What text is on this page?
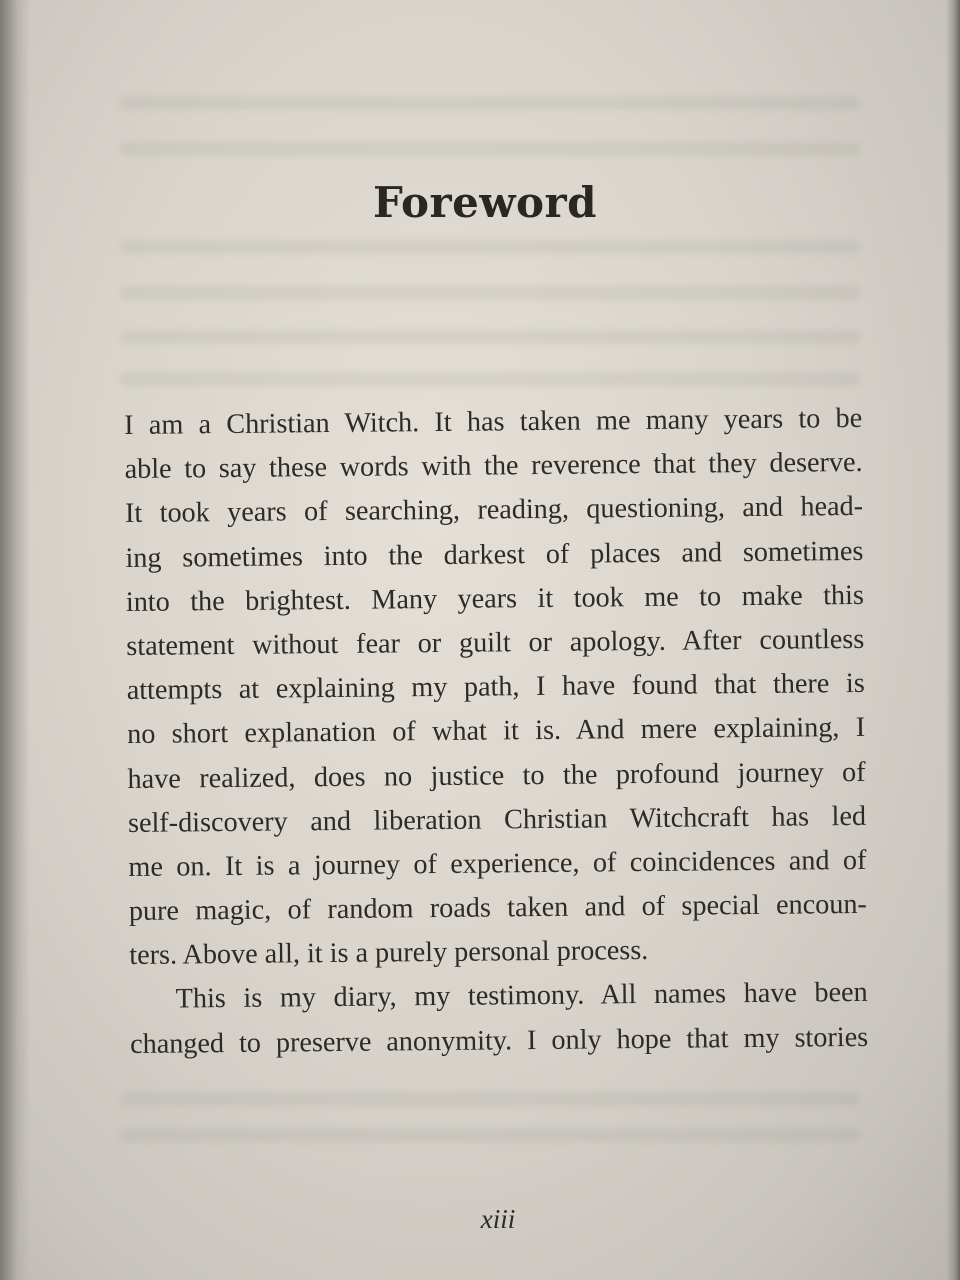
Foreword
I am a Christian Witch. It has taken me many years to be
able to say these words with the reverence that they deserve.
It took years of searching, reading, questioning, and head-
ing sometimes into the darkest of places and sometimes
into the brightest. Many years it took me to make this
statement without fear or guilt or apology. After countless
attempts at explaining my path, I have found that there is
no short explanation of what it is. And mere explaining, I
have realized, does no justice to the profound journey of
self-discovery and liberation Christian Witchcraft has led
me on. It is a journey of experience, of coincidences and of
pure magic, of random roads taken and of special encoun-
ters. Above all, it is a purely personal process.
This is my diary, my testimony. All names have been
changed to preserve anonymity. I only hope that my stories
xiii
